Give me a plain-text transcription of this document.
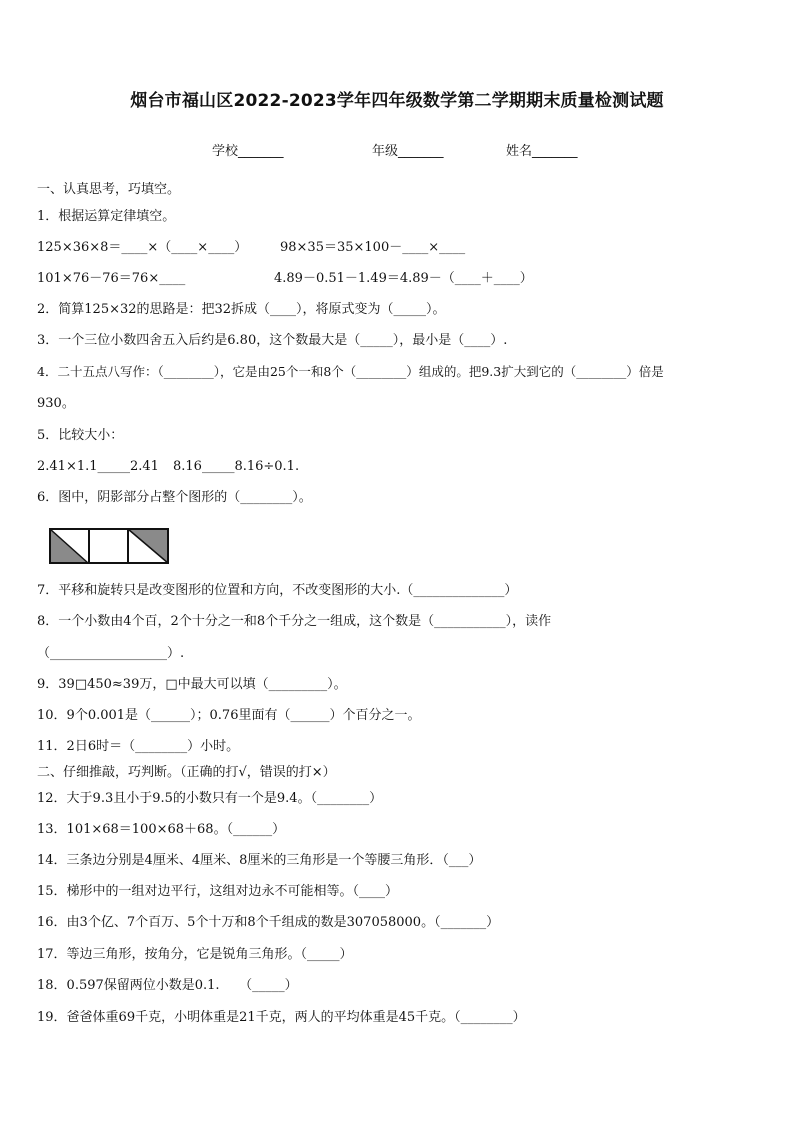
烟台市福山区2022-2023学年四年级数学第二学期期末质量检测试题
学校_______	年级_______	姓名_______
一、认真思考，巧填空。
1．根据运算定律填空。
125×36×8＝____×（____×____）	98×35＝35×100－____×____
101×76－76＝76×____	4.89－0.51－1.49＝4.89－（____＋____）
2．简算125×32的思路是：把32拆成（____），将原式变为（_____）。
3．一个三位小数四舍五入后约是6.80，这个数最大是（_____），最小是（____）.
4．二十五点八写作：（________），它是由25个一和8个（________）组成的。把9.3扩大到它的（________）倍是
930。
5．比较大小：
2.41×1.1_____2.41 8.16_____8.16÷0.1.
6．图中，阴影部分占整个图形的（________）。
7．平移和旋转只是改变图形的位置和方向，不改变图形的大小.（______________）
8．一个小数由4个百，2个十分之一和8个千分之一组成，这个数是（___________），读作
（__________________）.
9．39□450≈39万，□中最大可以填（_________）。
10．9个0.001是（______）；0.76里面有（______）个百分之一。
11．2日6时＝（________）小时。
二、仔细推敲，巧判断。（正确的打√，错误的打×）
12．大于9.3且小于9.5的小数只有一个是9.4。（________）
13．101×68＝100×68＋68。（______）
14．三条边分别是4厘米、4厘米、8厘米的三角形是一个等腰三角形．（___）
15．梯形中的一组对边平行，这组对边永不可能相等。（____）
16．由3个亿、7个百万、5个十万和8个千组成的数是307058000。（_______）
17．等边三角形，按角分，它是锐角三角形。（_____）
18．0.597保留两位小数是0.1.　　（_____）
19．爸爸体重69千克，小明体重是21千克，两人的平均体重是45千克。（________）
